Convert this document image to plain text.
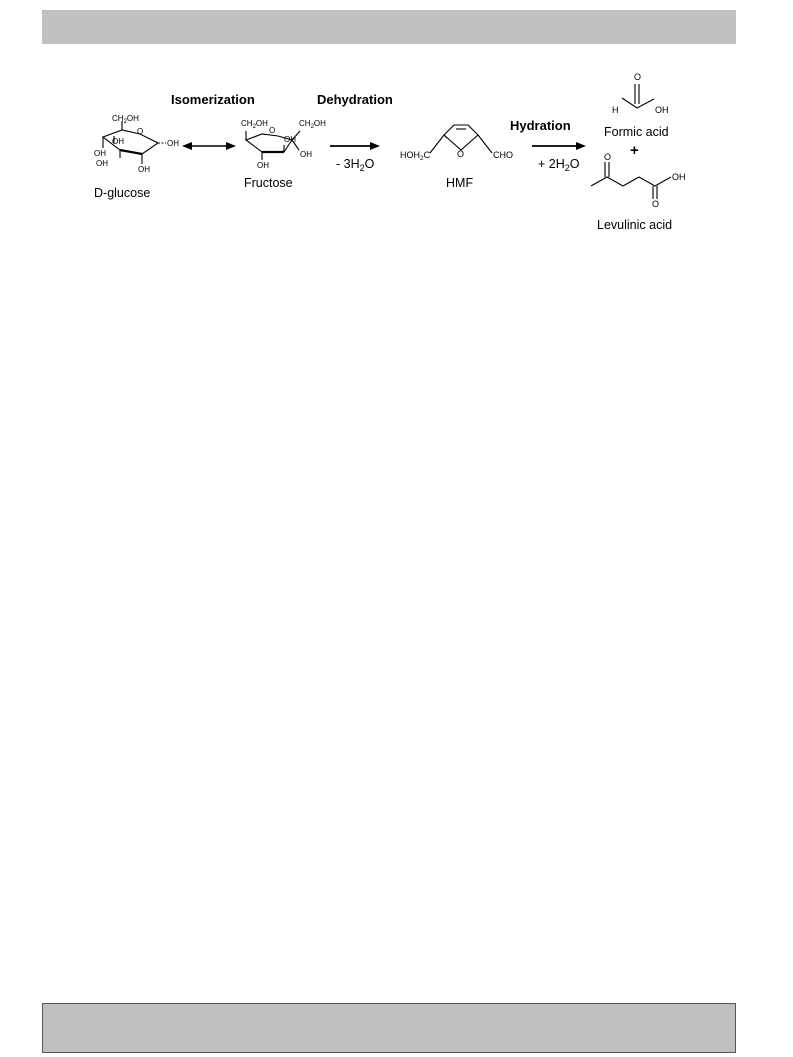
Isomerization	Dehydration
Hydration
$CH_2OH$
O
OH
OH
OH
OH
OH
D-glucose
$CH_2OH$	$CH_2OH$
O
OH
OH
OH
Fructose
- $3H_2O$
$HOH_2C$	O	CHO
HMF
+ $2H_2O$
O
H	OH
Formic acid
+
O
OH
O
Levulinic acid
